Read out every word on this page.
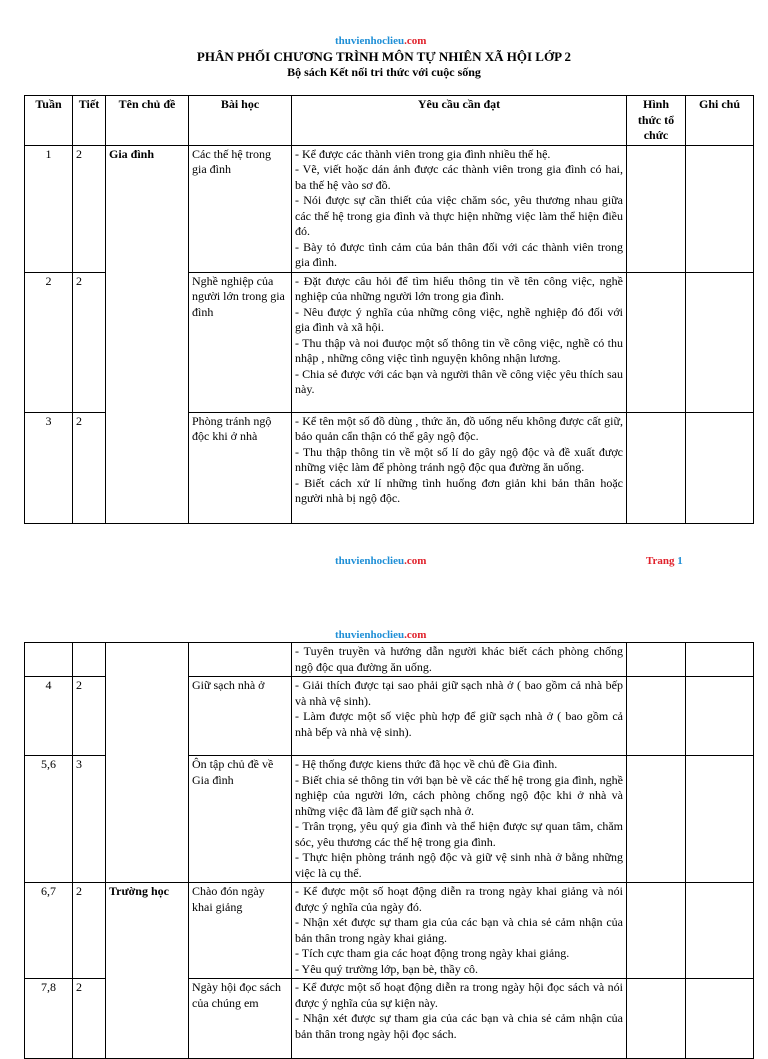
thuvienhoclieu.com
PHÂN PHỐI CHƯƠNG TRÌNH MÔN TỰ NHIÊN XÃ HỘI LỚP 2
Bộ sách Kết nối tri thức với cuộc sống
Tuần	Tiết	Tên chủ đề	Bài học	Yêu cầu cần đạt	Hình thức tổ chức	Ghi chú
1	2	Gia đình	Các thế hệ trong gia đình	- Kể được các thành viên trong gia đình nhiều thế hệ.
- Vẽ, viết hoặc dán ảnh được các thành viên trong gia đình có hai, ba thế hệ vào sơ đồ.
- Nói được sự cần thiết của việc chăm sóc, yêu thương nhau giữa các thế hệ trong gia đình và thực hiện những việc làm thể hiện điều đó.
- Bày tỏ được tình cảm của bản thân đối với các thành viên trong gia đình.		

2	2		Nghề nghiệp của người lớn trong gia đình	- Đặt được câu hỏi để tìm hiểu thông tin về tên công việc, nghề nghiệp của những người lớn trong gia đình.
- Nêu được ý nghĩa của những công việc, nghề nghiệp đó đối với gia đình và xã hội.
- Thu thập và noi đuưọc một số thông tin về công việc, nghề có thu nhập , những công việc tình nguyện không nhận lương.
- Chia sẻ được với các bạn và người thân về công việc yêu thích sau này.		

3	2		Phòng tránh ngộ độc khi ở nhà	- Kể tên một số đồ dùng , thức ăn, đồ uống nếu không được cất giữ, bảo quản cẩn thận có thể gây ngộ độc.
- Thu thập thông tin về một số lí do gây ngộ độc và đề xuất được những việc làm để phòng tránh ngộ độc qua đường ăn uống.
- Biết cách xử lí những tình huống đơn giản khi bản thân hoặc người nhà bị ngộ độc.		

thuvienhoclieu.com	Trang 1
thuvienhoclieu.com

				- Tuyên truyền và hướng dẫn người khác biết cách phòng chống ngộ độc qua đường ăn uống.		

4	2		Giữ sạch nhà ở	- Giải thích được tại sao phải giữ sạch nhà ở ( bao gồm cả nhà bếp và nhà vệ sinh).
- Làm được một số việc phù hợp để giữ sạch nhà ở ( bao gồm cả nhà bếp và nhà vệ sinh).		

5,6	3		Ôn tập chủ đề về Gia đình	- Hệ thống được kiens thức đã học về chủ đề Gia đình.
- Biết chia sẻ thông tin với bạn bè về các thế hệ trong gia đình, nghề nghiệp của người lớn, cách phòng chống ngộ độc khi ở nhà và những việc đã làm để giữ sạch nhà ở.
- Trân trọng, yêu quý gia đình và thể hiện được sự quan tâm, chăm sóc, yêu thương các thế hệ trong gia đình.
- Thực hiện phòng tránh ngộ độc và giữ vệ sinh nhà ở bằng những việc là cụ thể.		

6,7	2	Trường học	Chào đón ngày khai giảng	- Kể được một số hoạt động diễn ra trong ngày khai giảng và nói được ý nghĩa của ngày đó.
- Nhận xét được sự tham gia của các bạn và chia sẻ cảm nhận của bản thân trong ngày khai giảng.
- Tích cực tham gia các hoạt động trong ngày khai giảng.
- Yêu quý trường lớp, bạn bè, thầy cô.		

7,8	2		Ngày hội đọc sách của chúng em	- Kể được một số hoạt động diễn ra trong ngày hội đọc sách và nói được ý nghĩa của sự kiện này.
- Nhận xét được sự tham gia của các bạn và chia sẻ cảm nhận của bản thân trong ngày hội đọc sách.		
